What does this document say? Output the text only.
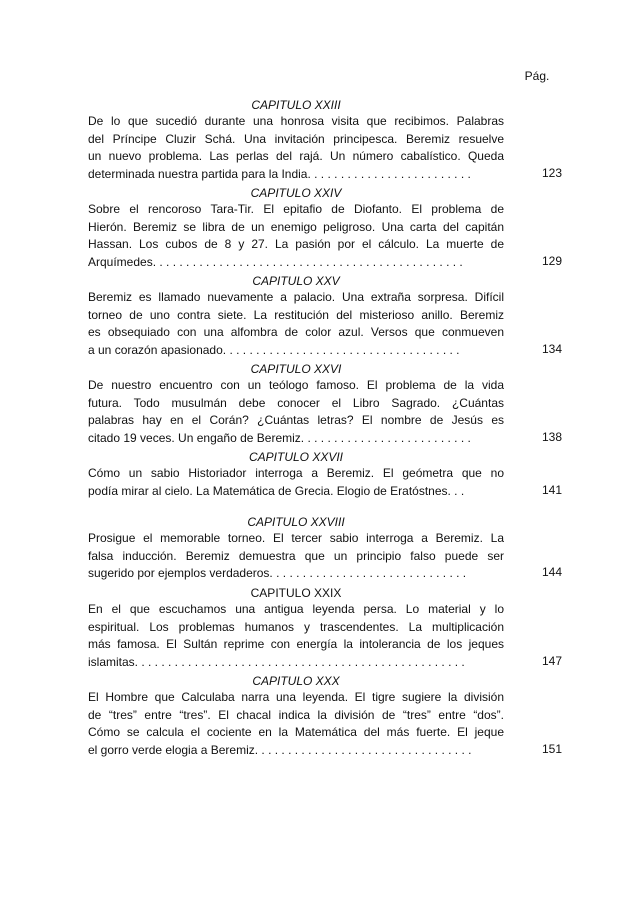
Pág.
CAPITULO XXIII
De lo que sucedió durante una honrosa visita que recibimos. Palabras
del Príncipe Cluzir Schá. Una invitación principesca. Beremiz resuelve
un nuevo problema. Las perlas del rajá. Un número cabalístico. Queda
determinada nuestra partida para la India. . . . . . . . . . . . . . . . . . . . . . . . .	123
CAPITULO XXIV
Sobre el rencoroso Tara-Tir. El epitafio de Diofanto. El problema de
Hierón. Beremiz se libra de un enemigo peligroso. Una carta del capitán
Hassan. Los cubos de 8 y 27. La pasión por el cálculo. La muerte de
Arquímedes. . . . . . . . . . . . . . . . . . . . . . . . . . . . . . . . . . . . . . . . . . . . . . .	129
CAPITULO XXV
Beremiz es llamado nuevamente a palacio. Una extraña sorpresa. Difícil
torneo de uno contra siete. La restitución del misterioso anillo. Beremiz
es obsequiado con una alfombra de color azul. Versos que conmueven
a un corazón apasionado. . . . . . . . . . . . . . . . . . . . . . . . . . . . . . . . . . . .	134
CAPITULO XXVI
De nuestro encuentro con un teólogo famoso. El problema de la vida
futura. Todo musulmán debe conocer el Libro Sagrado. ¿Cuántas
palabras hay en el Corán? ¿Cuántas letras? El nombre de Jesús es
citado 19 veces. Un engaño de Beremiz. . . . . . . . . . . . . . . . . . . . . . . . . .	138
CAPITULO XXVII
Cómo un sabio Historiador interroga a Beremiz. El geómetra que no
podía mirar al cielo. La Matemática de Grecia. Elogio de Eratóstnes. . .	141
CAPITULO XXVIII
Prosigue el memorable torneo. El tercer sabio interroga a Beremiz. La
falsa inducción. Beremiz demuestra que un principio falso puede ser
sugerido por ejemplos verdaderos. . . . . . . . . . . . . . . . . . . . . . . . . . . . . .	144
CAPITULO XXIX
En el que escuchamos una antigua leyenda persa. Lo material y lo
espiritual. Los problemas humanos y trascendentes. La multiplicación
más famosa. El Sultán reprime con energía la intolerancia de los jeques
islamitas. . . . . . . . . . . . . . . . . . . . . . . . . . . . . . . . . . . . . . . . . . . . . . . . . .	147
CAPITULO XXX
El Hombre que Calculaba narra una leyenda. El tigre sugiere la división
de “tres” entre “tres”. El chacal indica la división de “tres” entre “dos”.
Cómo se calcula el cociente en la Matemática del más fuerte. El jeque
el gorro verde elogia a Beremiz. . . . . . . . . . . . . . . . . . . . . . . . . . . . . . . . .	151
